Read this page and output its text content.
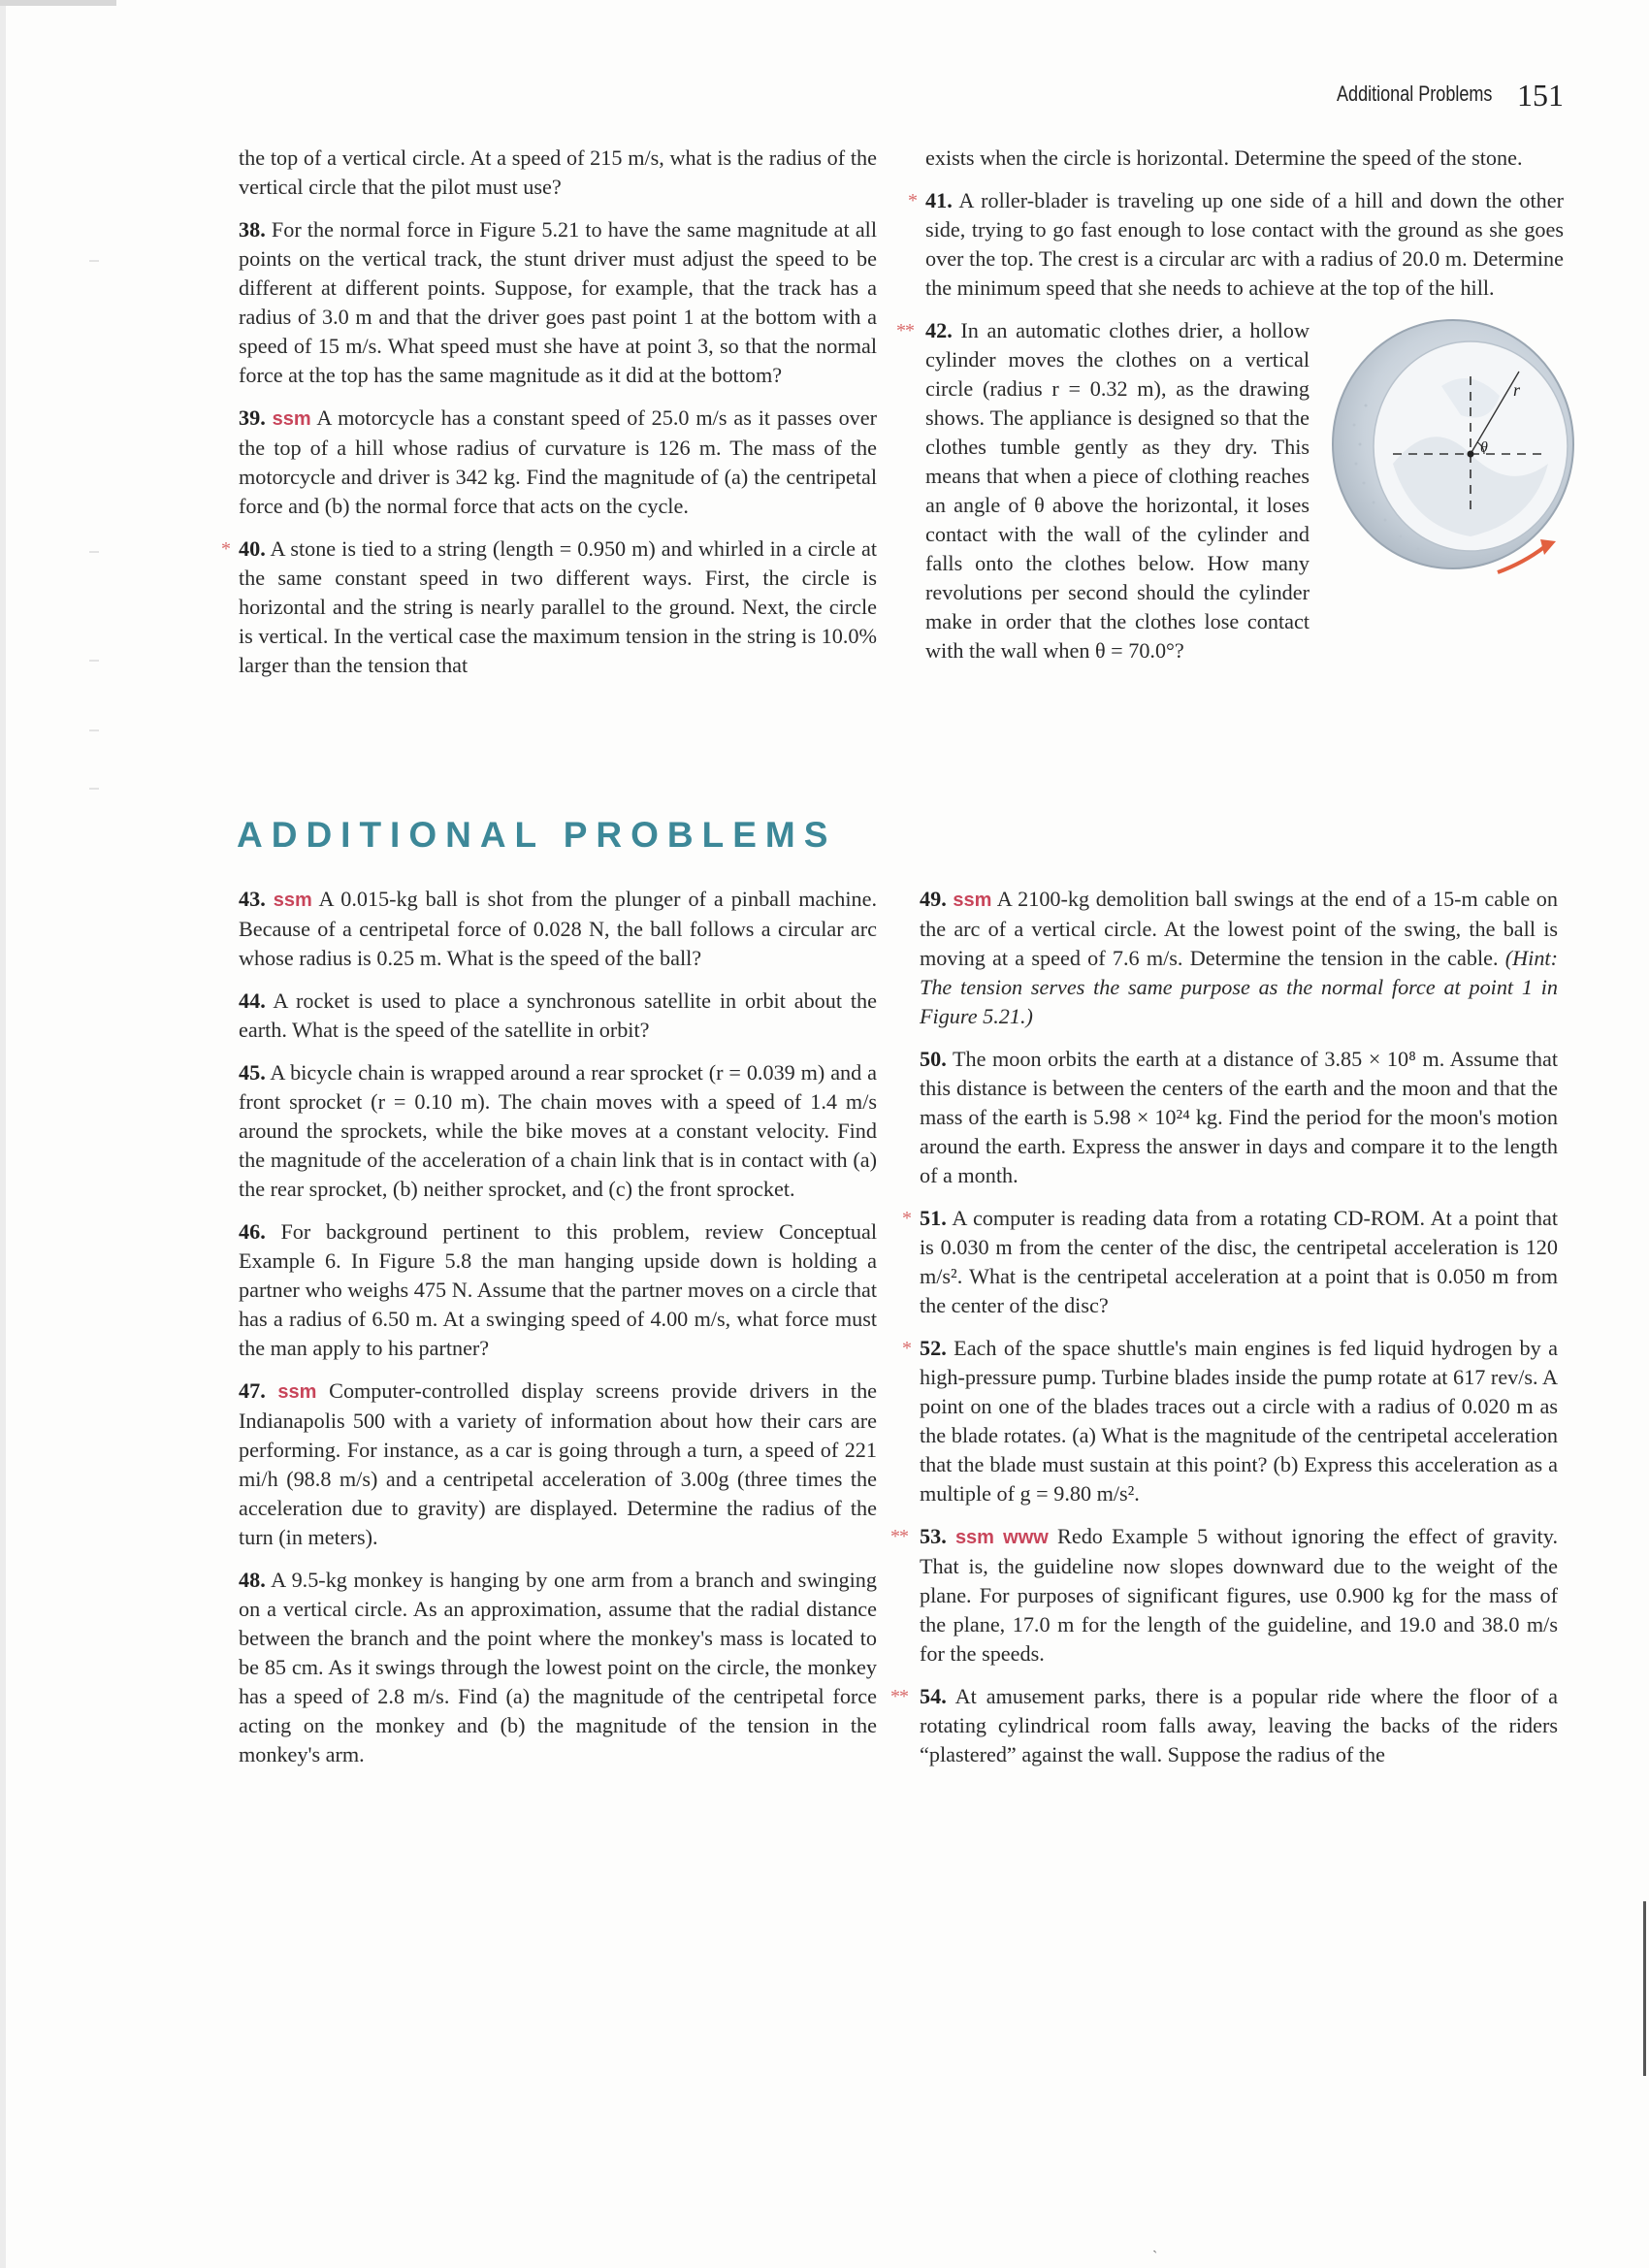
Additional Problems 151

the top of a vertical circle. At a speed of 215 m/s, what is the radius of the vertical circle that the pilot must use?

38. For the normal force in Figure 5.21 to have the same magnitude at all points on the vertical track, the stunt driver must adjust the speed to be different at different points. Suppose, for example, that the track has a radius of 3.0 m and that the driver goes past point 1 at the bottom with a speed of 15 m/s. What speed must she have at point 3, so that the normal force at the top has the same magnitude as it did at the bottom?

39. ssm A motorcycle has a constant speed of 25.0 m/s as it passes over the top of a hill whose radius of curvature is 126 m. The mass of the motorcycle and driver is 342 kg. Find the magnitude of (a) the centripetal force and (b) the normal force that acts on the cycle.

* 40. A stone is tied to a string (length = 0.950 m) and whirled in a circle at the same constant speed in two different ways. First, the circle is horizontal and the string is nearly parallel to the ground. Next, the circle is vertical. In the vertical case the maximum tension in the string is 10.0% larger than the tension that

exists when the circle is horizontal. Determine the speed of the stone.

* 41. A roller-blader is traveling up one side of a hill and down the other side, trying to go fast enough to lose contact with the ground as she goes over the top. The crest is a circular arc with a radius of 20.0 m. Determine the minimum speed that she needs to achieve at the top of the hill.

r
θ
** 42. In an automatic clothes drier, a hollow cylinder moves the clothes on a vertical circle (radius r = 0.32 m), as the drawing shows. The appliance is designed so that the clothes tumble gently as they dry. This means that when a piece of clothing reaches an angle of θ above the horizontal, it loses contact with the wall of the cylinder and falls onto the clothes below. How many revolutions per second should the cylinder make in order that the clothes lose contact with the wall when θ = 70.0°?

ADDITIONAL PROBLEMS

43. ssm A 0.015-kg ball is shot from the plunger of a pinball machine. Because of a centripetal force of 0.028 N, the ball follows a circular arc whose radius is 0.25 m. What is the speed of the ball?

44. A rocket is used to place a synchronous satellite in orbit about the earth. What is the speed of the satellite in orbit?

45. A bicycle chain is wrapped around a rear sprocket (r = 0.039 m) and a front sprocket (r = 0.10 m). The chain moves with a speed of 1.4 m/s around the sprockets, while the bike moves at a constant velocity. Find the magnitude of the acceleration of a chain link that is in contact with (a) the rear sprocket, (b) neither sprocket, and (c) the front sprocket.

46. For background pertinent to this problem, review Conceptual Example 6. In Figure 5.8 the man hanging upside down is holding a partner who weighs 475 N. Assume that the partner moves on a circle that has a radius of 6.50 m. At a swinging speed of 4.00 m/s, what force must the man apply to his partner?

47. ssm Computer-controlled display screens provide drivers in the Indianapolis 500 with a variety of information about how their cars are performing. For instance, as a car is going through a turn, a speed of 221 mi/h (98.8 m/s) and a centripetal acceleration of 3.00g (three times the acceleration due to gravity) are displayed. Determine the radius of the turn (in meters).

48. A 9.5-kg monkey is hanging by one arm from a branch and swinging on a vertical circle. As an approximation, assume that the radial distance between the branch and the point where the monkey's mass is located to be 85 cm. As it swings through the lowest point on the circle, the monkey has a speed of 2.8 m/s. Find (a) the magnitude of the centripetal force acting on the monkey and (b) the magnitude of the tension in the monkey's arm.

49. ssm A 2100-kg demolition ball swings at the end of a 15-m cable on the arc of a vertical circle. At the lowest point of the swing, the ball is moving at a speed of 7.6 m/s. Determine the tension in the cable. (Hint: The tension serves the same purpose as the normal force at point 1 in Figure 5.21.)

50. The moon orbits the earth at a distance of 3.85 × 10⁸ m. Assume that this distance is between the centers of the earth and the moon and that the mass of the earth is 5.98 × 10²⁴ kg. Find the period for the moon's motion around the earth. Express the answer in days and compare it to the length of a month.

* 51. A computer is reading data from a rotating CD-ROM. At a point that is 0.030 m from the center of the disc, the centripetal acceleration is 120 m/s². What is the centripetal acceleration at a point that is 0.050 m from the center of the disc?

* 52. Each of the space shuttle's main engines is fed liquid hydrogen by a high-pressure pump. Turbine blades inside the pump rotate at 617 rev/s. A point on one of the blades traces out a circle with a radius of 0.020 m as the blade rotates. (a) What is the magnitude of the centripetal acceleration that the blade must sustain at this point? (b) Express this acceleration as a multiple of g = 9.80 m/s².

** 53. ssm www Redo Example 5 without ignoring the effect of gravity. That is, the guideline now slopes downward due to the weight of the plane. For purposes of significant figures, use 0.900 kg for the mass of the plane, 17.0 m for the length of the guideline, and 19.0 and 38.0 m/s for the speeds.

** 54. At amusement parks, there is a popular ride where the floor of a rotating cylindrical room falls away, leaving the backs of the riders “plastered” against the wall. Suppose the radius of the

ˎ
